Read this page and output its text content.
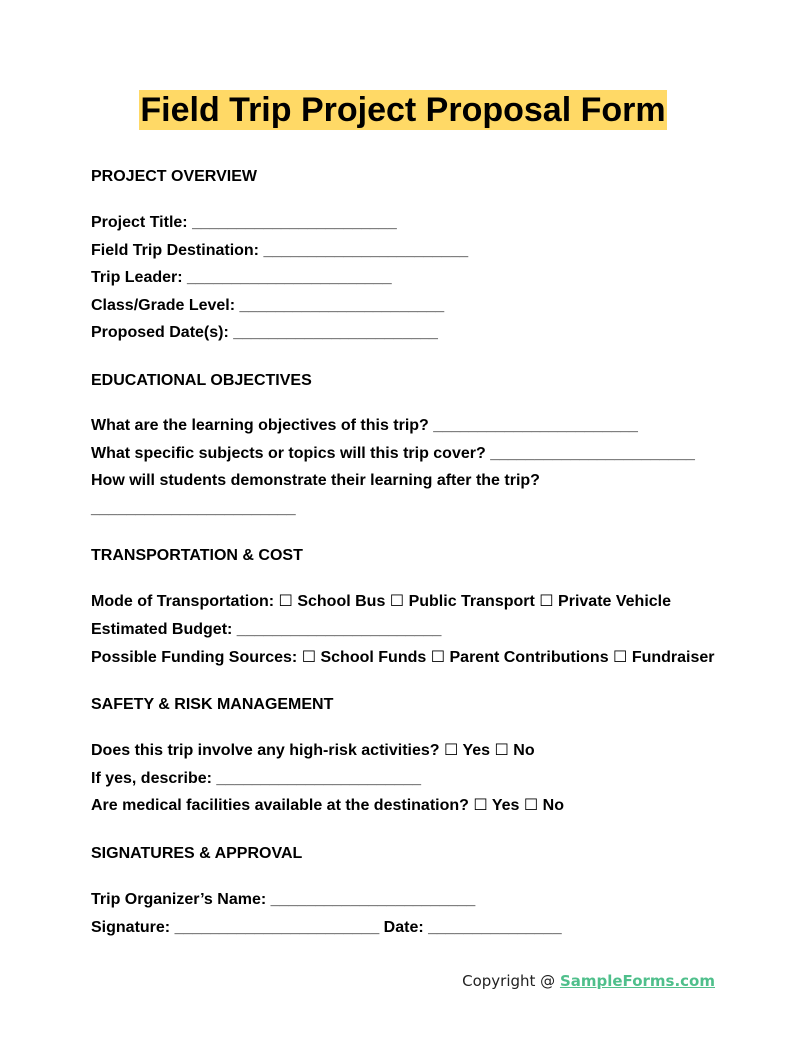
Field Trip Project Proposal Form
PROJECT OVERVIEW
Project Title: _______________________
Field Trip Destination: _______________________
Trip Leader: _______________________
Class/Grade Level: _______________________
Proposed Date(s): _______________________
EDUCATIONAL OBJECTIVES
What are the learning objectives of this trip? _______________________
What specific subjects or topics will this trip cover? _______________________
How will students demonstrate their learning after the trip?
_______________________
TRANSPORTATION & COST
Mode of Transportation: ☐ School Bus ☐ Public Transport ☐ Private Vehicle
Estimated Budget: _______________________
Possible Funding Sources: ☐ School Funds ☐ Parent Contributions ☐ Fundraiser
SAFETY & RISK MANAGEMENT
Does this trip involve any high-risk activities? ☐ Yes ☐ No
If yes, describe: _______________________
Are medical facilities available at the destination? ☐ Yes ☐ No
SIGNATURES & APPROVAL
Trip Organizer’s Name: _______________________
Signature: _______________________ Date: _______________
Copyright @ SampleForms.com
